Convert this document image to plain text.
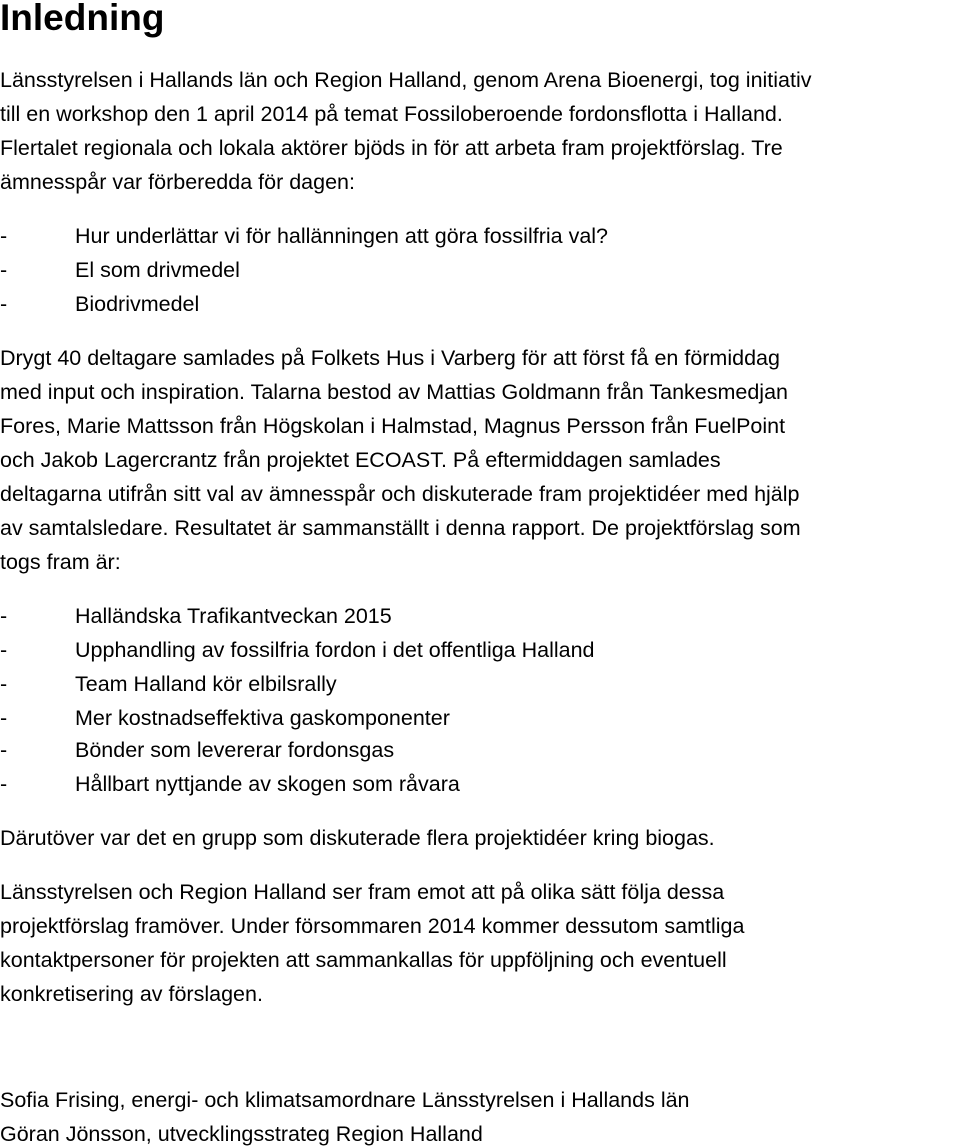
Inledning

Länsstyrelsen i Hallands län och Region Halland, genom Arena Bioenergi, tog initiativ

till en workshop den 1 april 2014 på temat Fossiloberoende fordonsflotta i Halland.

Flertalet regionala och lokala aktörer bjöds in för att arbeta fram projektförslag. Tre

ämnesspår var förberedda för dagen:

-	Hur underlättar vi för hallänningen att göra fossilfria val?
-	El som drivmedel
-	Biodrivmedel

Drygt 40 deltagare samlades på Folkets Hus i Varberg för att först få en förmiddag

med input och inspiration. Talarna bestod av Mattias Goldmann från Tankesmedjan

Fores, Marie Mattsson från Högskolan i Halmstad, Magnus Persson från FuelPoint

och Jakob Lagercrantz från projektet ECOAST. På eftermiddagen samlades

deltagarna utifrån sitt val av ämnesspår och diskuterade fram projektidéer med hjälp

av samtalsledare. Resultatet är sammanställt i denna rapport. De projektförslag som

togs fram är:

-	Halländska Trafikantveckan 2015
-	Upphandling av fossilfria fordon i det offentliga Halland
-	Team Halland kör elbilsrally
-	Mer kostnadseffektiva gaskomponenter
-	Bönder som levererar fordonsgas
-	Hållbart nyttjande av skogen som råvara

Därutöver var det en grupp som diskuterade flera projektidéer kring biogas.

Länsstyrelsen och Region Halland ser fram emot att på olika sätt följa dessa

projektförslag framöver. Under försommaren 2014 kommer dessutom samtliga

kontaktpersoner för projekten att sammankallas för uppföljning och eventuell

konkretisering av förslagen.

Sofia Frising, energi- och klimatsamordnare Länsstyrelsen i Hallands län

Göran Jönsson, utvecklingsstrateg Region Halland
